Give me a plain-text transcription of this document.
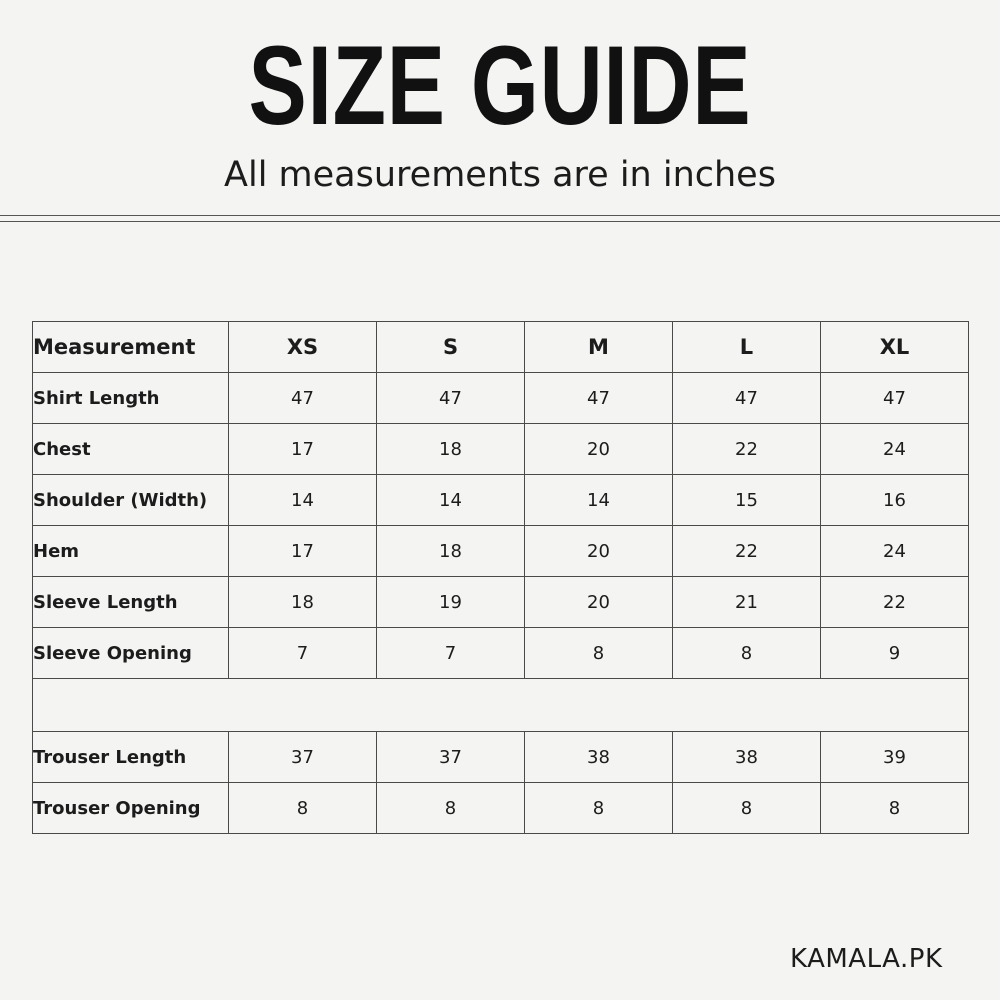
SIZE GUIDE
All measurements are in inches
Measurement	XS	S	M	L	XL
Shirt Length	47	47	47	47	47
Chest	17	18	20	22	24
Shoulder (Width)	14	14	14	15	16
Hem	17	18	20	22	24
Sleeve Length	18	19	20	21	22
Sleeve Opening	7	7	8	8	9

Trouser Length	37	37	38	38	39
Trouser Opening	8	8	8	8	8
KAMALA.PK
